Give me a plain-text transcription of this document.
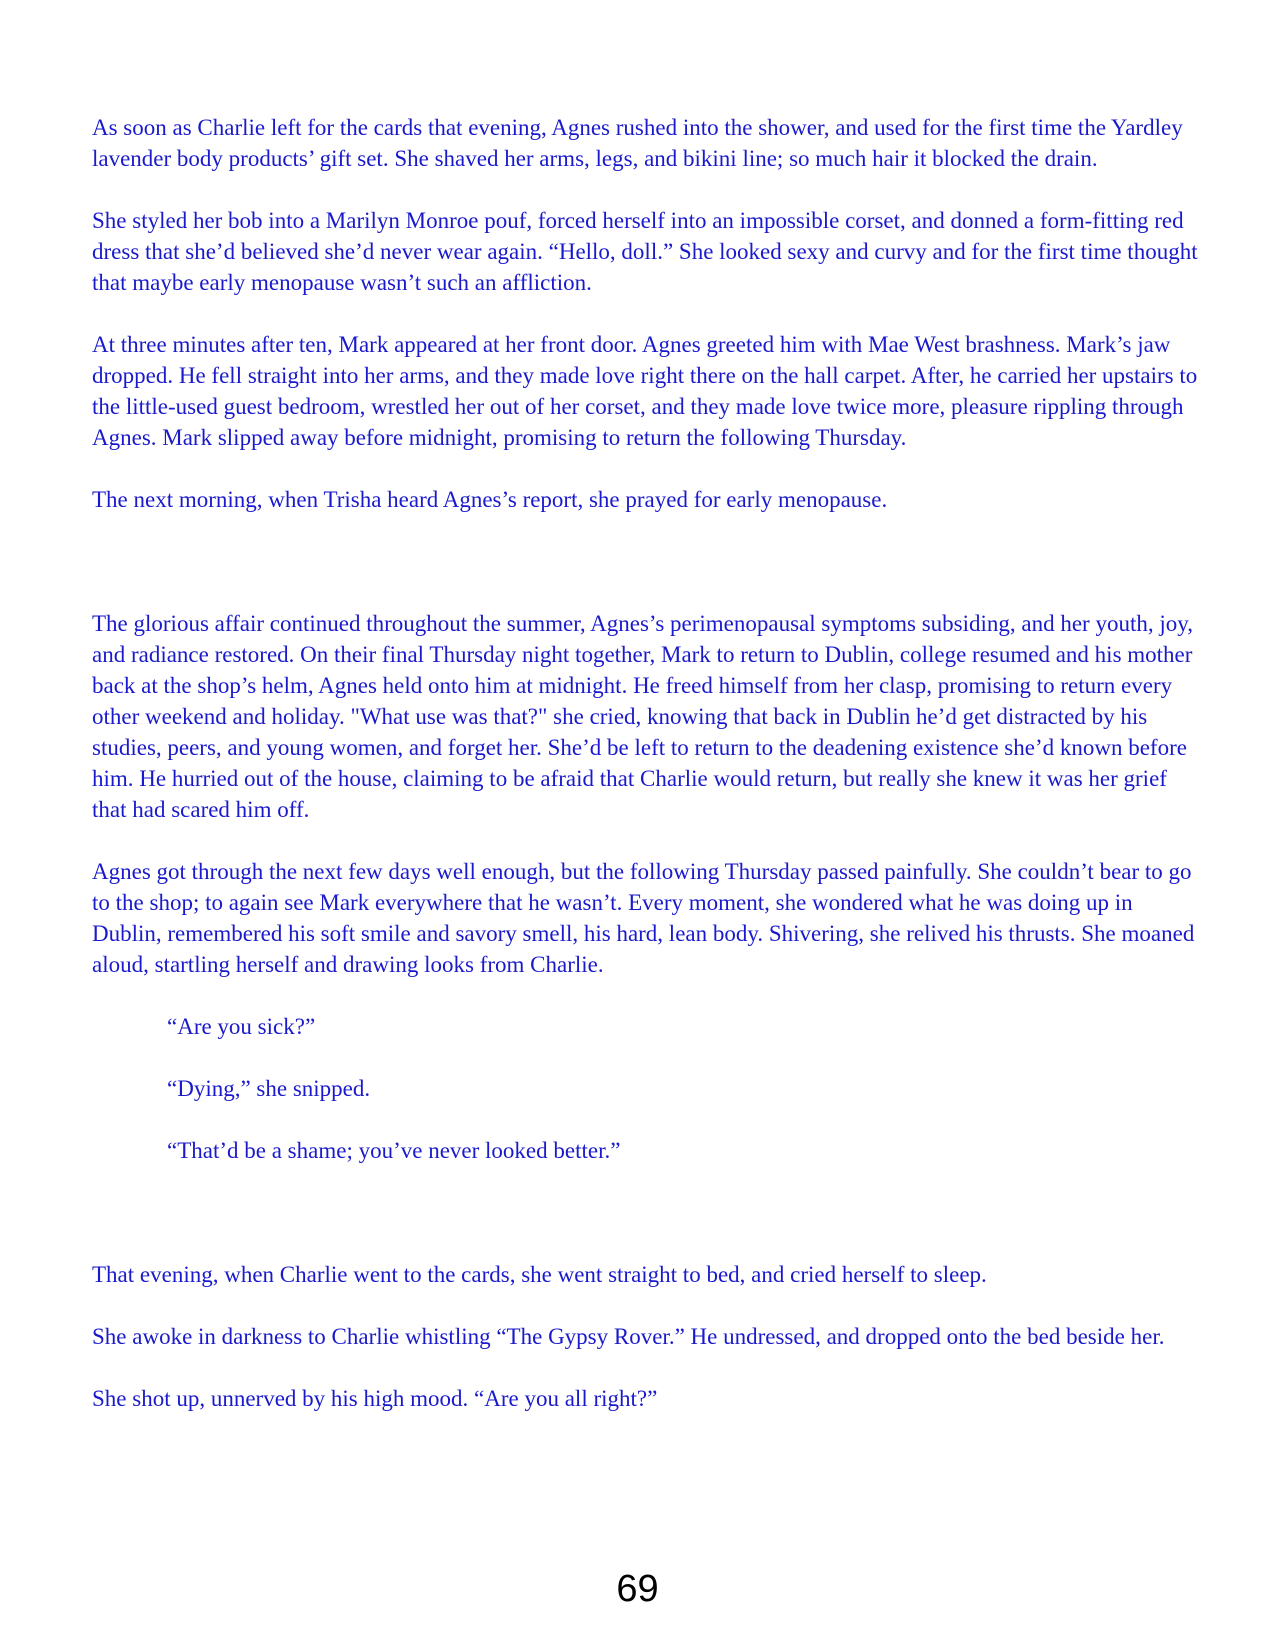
As soon as Charlie left for the cards that evening, Agnes rushed into the shower, and used for the first time the Yardley lavender body products’ gift set. She shaved her arms, legs, and bikini line; so much hair it blocked the drain.

She styled her bob into a Marilyn Monroe pouf, forced herself into an impossible corset, and donned a form-fitting red dress that she’d believed she’d never wear again. “Hello, doll.” She looked sexy and curvy and for the first time thought that maybe early menopause wasn’t such an affliction.

At three minutes after ten, Mark appeared at her front door. Agnes greeted him with Mae West brashness. Mark’s jaw dropped. He fell straight into her arms, and they made love right there on the hall carpet. After, he carried her upstairs to the little-used guest bedroom, wrestled her out of her corset, and they made love twice more, pleasure rippling through Agnes. Mark slipped away before midnight, promising to return the following Thursday.

The next morning, when Trisha heard Agnes’s report, she prayed for early menopause.

The glorious affair continued throughout the summer, Agnes’s perimenopausal symptoms subsiding, and her youth, joy, and radiance restored. On their final Thursday night together, Mark to return to Dublin, college resumed and his mother back at the shop’s helm, Agnes held onto him at midnight. He freed himself from her clasp, promising to return every other weekend and holiday. "What use was that?" she cried, knowing that back in Dublin he’d get distracted by his studies, peers, and young women, and forget her. She’d be left to return to the deadening existence she’d known before him. He hurried out of the house, claiming to be afraid that Charlie would return, but really she knew it was her grief that had scared him off.

Agnes got through the next few days well enough, but the following Thursday passed painfully. She couldn’t bear to go to the shop; to again see Mark everywhere that he wasn’t. Every moment, she wondered what he was doing up in Dublin, remembered his soft smile and savory smell, his hard, lean body. Shivering, she relived his thrusts. She moaned aloud, startling herself and drawing looks from Charlie.

“Are you sick?”

“Dying,” she snipped.

“That’d be a shame; you’ve never looked better.”

That evening, when Charlie went to the cards, she went straight to bed, and cried herself to sleep.

She awoke in darkness to Charlie whistling “The Gypsy Rover.” He undressed, and dropped onto the bed beside her.

She shot up, unnerved by his high mood. “Are you all right?”

69
